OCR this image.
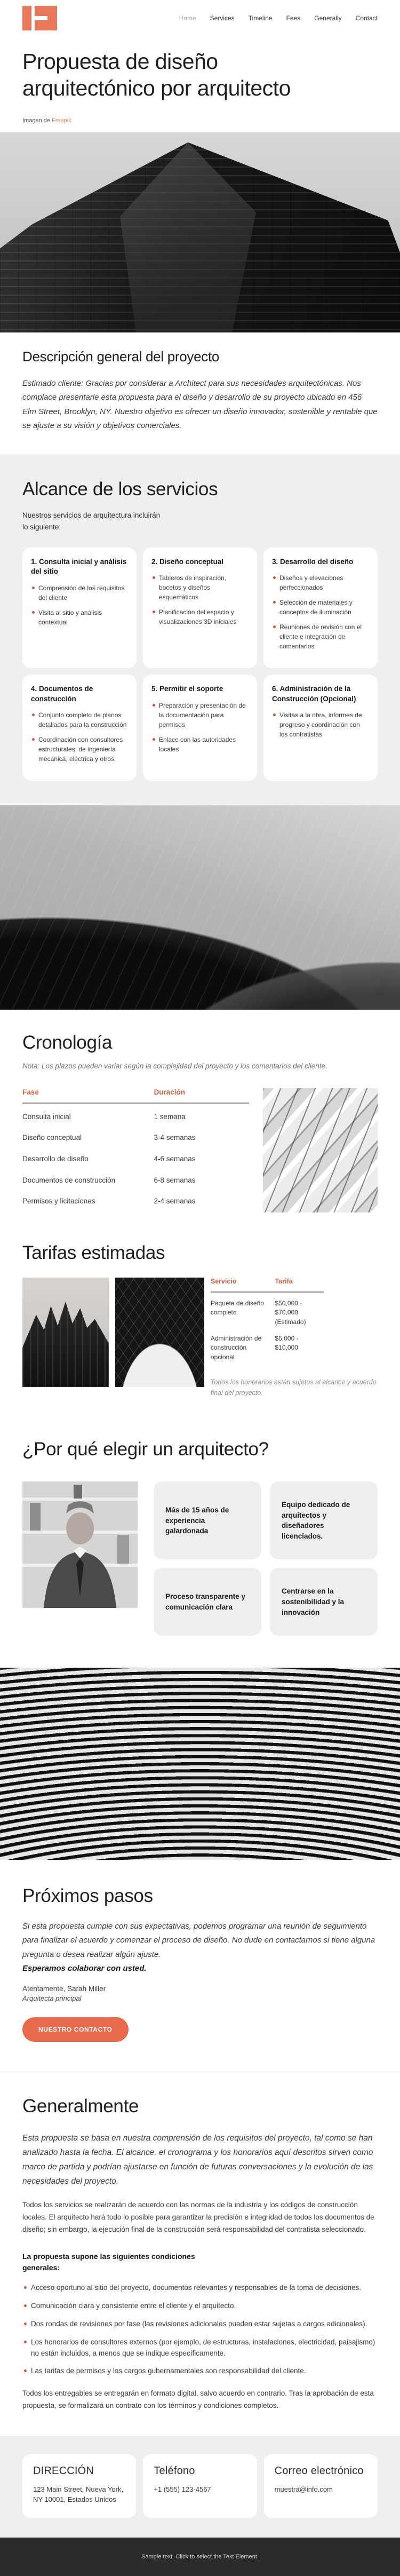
Home Services Timeline Fees Generally Contact
Propuesta de diseño arquitectónico por arquitecto
Imagen de Freepik
Descripción general del proyecto

Estimado cliente: Gracias por considerar a Architect para sus necesidades arquitectónicas. Nos complace presentarle esta propuesta para el diseño y desarrollo de su proyecto ubicado en 456 Elm Street, Brooklyn, NY. Nuestro objetivo es ofrecer un diseño innovador, sostenible y rentable que se ajuste a su visión y objetivos comerciales.

Alcance de los servicios

Nuestros servicios de arquitectura incluirán lo siguiente:

1. Consulta inicial y análisis del sitio
Comprensión de los requisitos del cliente
Visita al sitio y análisis contextual
2. Diseño conceptual
Tableros de inspiración, bocetos y diseños esquemáticos
Planificación del espacio y visualizaciones 3D iniciales
3. Desarrollo del diseño
Diseños y elevaciones perfeccionados
Selección de materiales y conceptos de iluminación
Reuniones de revisión con el cliente e integración de comentarios
4. Documentos de construcción
Conjunto completo de planos detallados para la construcción
Coordinación con consultores estructurales, de ingeniería mecánica, eléctrica y otros.
5. Permitir el soporte
Preparación y presentación de la documentación para permisos
Enlace con las autoridades locales
6. Administración de la Construcción (Opcional)
Visitas a la obra, informes de progreso y coordinación con los contratistas
Cronología

Nota: Los plazos pueden variar según la complejidad del proyecto y los comentarios del cliente.

Fase	Duración
Consulta inicial	1 semana
Diseño conceptual	3-4 semanas
Desarrollo de diseño	4-6 semanas
Documentos de construcción	6-8 semanas
Permisos y licitaciones	2-4 semanas
Tarifas estimadas
Servicio	Tarifa
Paquete de diseño completo	$50,000 - $70,000 (Estimado)
Administración de construcción opcional	$5,000 - $10,000

Todos los honorarios están sujetos al alcance y acuerdo final del proyecto.

¿Por qué elegir un arquitecto?
Más de 15 años de experiencia galardonada
Equipo dedicado de arquitectos y diseñadores licenciados.
Proceso transparente y comunicación clara
Centrarse en la sostenibilidad y la innovación
Próximos pasos

Si esta propuesta cumple con sus expectativas, podemos programar una reunión de seguimiento para finalizar el acuerdo y comenzar el proceso de diseño. No dude en contactarnos si tiene alguna pregunta o desea realizar algún ajuste.

Esperamos colaborar con usted.

Atentamente, Sarah Miller
Arquitecta principal
NUESTRO CONTACTO
Generalmente

Esta propuesta se basa en nuestra comprensión de los requisitos del proyecto, tal como se han analizado hasta la fecha. El alcance, el cronograma y los honorarios aquí descritos sirven como marco de partida y podrían ajustarse en función de futuras conversaciones y la evolución de las necesidades del proyecto.

Todos los servicios se realizarán de acuerdo con las normas de la industria y los códigos de construcción locales. El arquitecto hará todo lo posible para garantizar la precisión e integridad de todos los documentos de diseño; sin embargo, la ejecución final de la construcción será responsabilidad del contratista seleccionado.

La propuesta supone las siguientes condiciones generales:

Acceso oportuno al sitio del proyecto, documentos relevantes y responsables de la toma de decisiones.
Comunicación clara y consistente entre el cliente y el arquitecto.
Dos rondas de revisiones por fase (las revisiones adicionales pueden estar sujetas a cargos adicionales).
Los honorarios de consultores externos (por ejemplo, de estructuras, instalaciones, electricidad, paisajismo) no están incluidos, a menos que se indique específicamente.
Las tarifas de permisos y los cargos gubernamentales son responsabilidad del cliente.

Todos los entregables se entregarán en formato digital, salvo acuerdo en contrario. Tras la aprobación de esta propuesta, se formalizará un contrato con los términos y condiciones completos.

DIRECCIÓN
123 Main Street, Nueva York, NY 10001, Estados Unidos
Teléfono
+1 (555) 123-4567
Correo electrónico
muestra@info.com
Sample text. Click to select the Text Element.
